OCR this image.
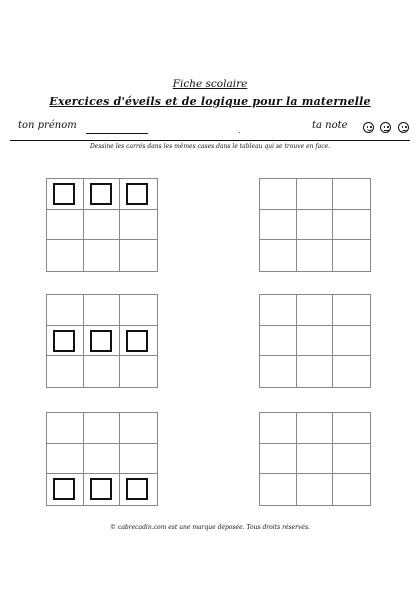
Fiche scolaire
Exercices d'éveils et de logique pour la maternelle
ton prénom	.	ta note
Dessine les carrés dans les mêmes cases dans le tableau qui se trouve en face.
© cabrecadin.com est une marque déposée. Tous droits réservés.
